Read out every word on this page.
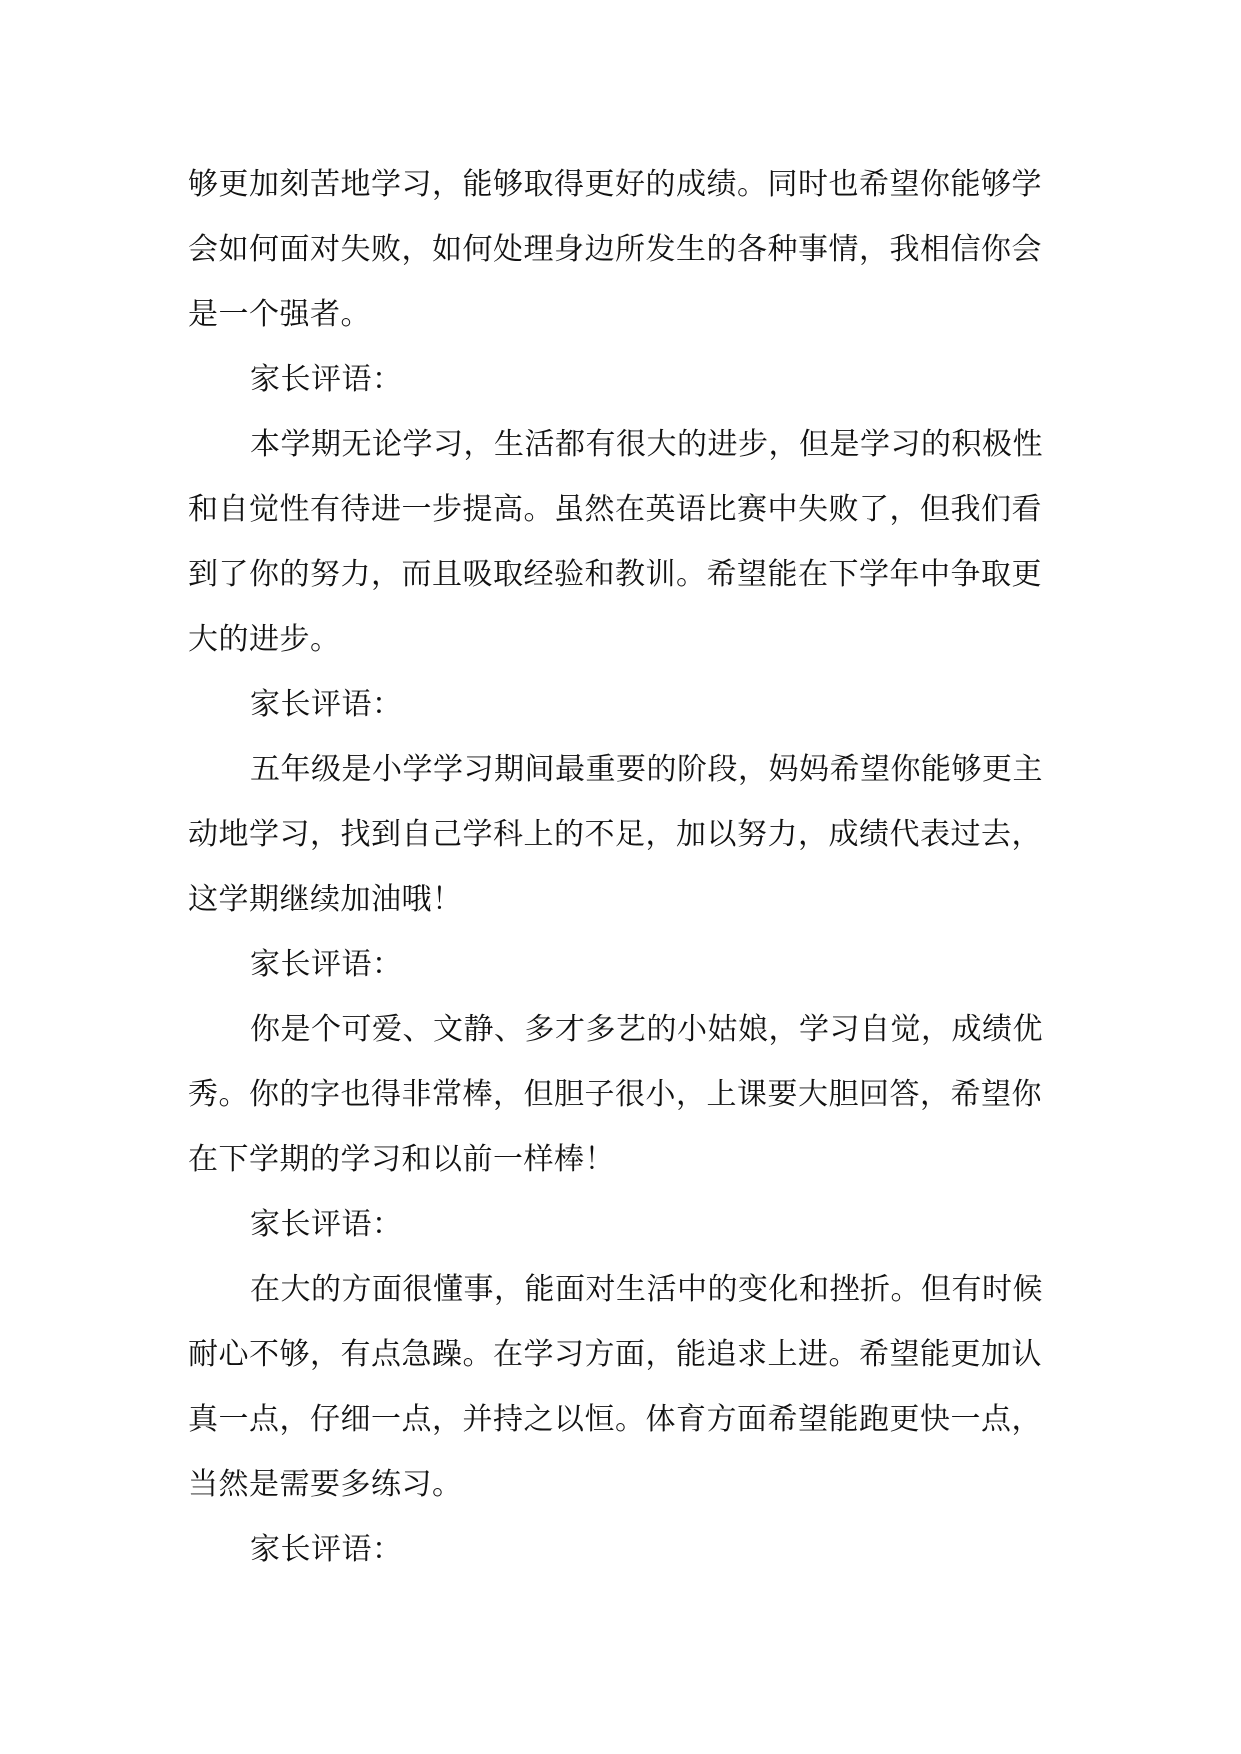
够更加刻苦地学习，能够取得更好的成绩。同时也希望你能够学
会如何面对失败，如何处理身边所发生的各种事情，我相信你会
是一个强者。
家长评语：
本学期无论学习，生活都有很大的进步，但是学习的积极性
和自觉性有待进一步提高。虽然在英语比赛中失败了，但我们看
到了你的努力，而且吸取经验和教训。希望能在下学年中争取更
大的进步。
家长评语：
五年级是小学学习期间最重要的阶段，妈妈希望你能够更主
动地学习，找到自己学科上的不足，加以努力，成绩代表过去，
这学期继续加油哦！
家长评语：
你是个可爱、文静、多才多艺的小姑娘，学习自觉，成绩优
秀。你的字也得非常棒，但胆子很小，上课要大胆回答，希望你
在下学期的学习和以前一样棒！
家长评语：
在大的方面很懂事，能面对生活中的变化和挫折。但有时候
耐心不够，有点急躁。在学习方面，能追求上进。希望能更加认
真一点，仔细一点，并持之以恒。体育方面希望能跑更快一点，
当然是需要多练习。
家长评语：
